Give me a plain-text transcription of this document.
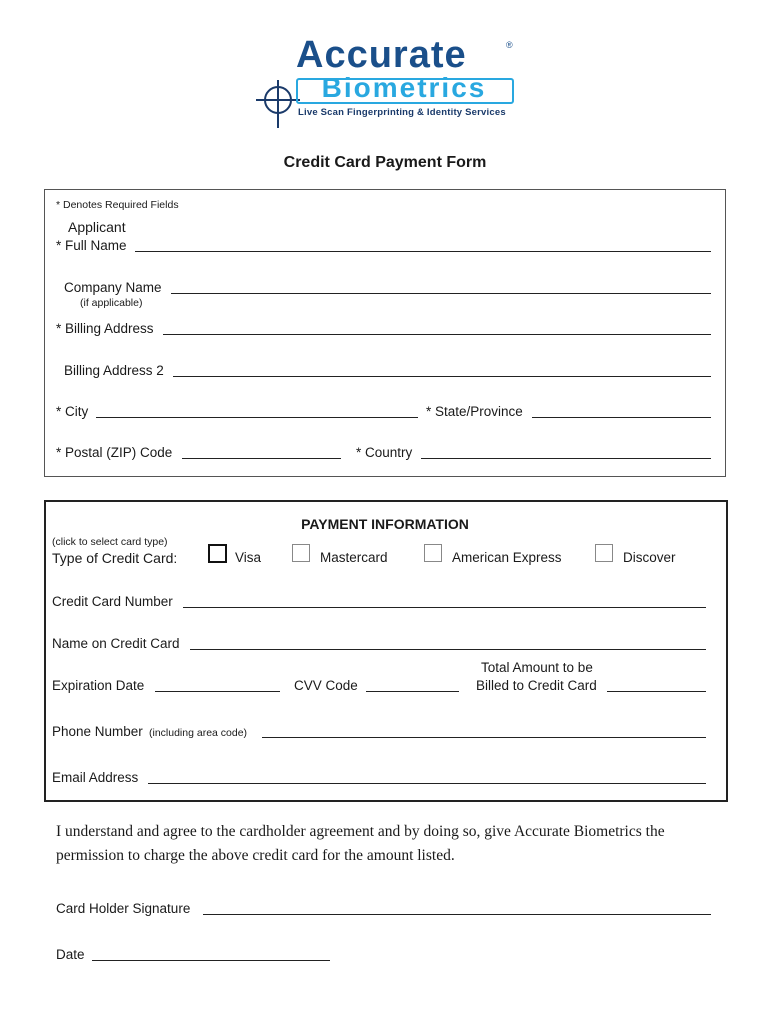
Accurate	®
Biometrics
Live Scan Fingerprinting & Identity Services
Credit Card Payment Form
* Denotes Required Fields
Applicant
* Full Name
Company Name
(if applicable)
* Billing Address
Billing Address 2
* City	* State/Province
* Postal (ZIP) Code	* Country
PAYMENT INFORMATION
(click to select card type)
Type of Credit Card:	Visa	Mastercard	American Express	Discover
Credit Card Number
Name on Credit Card
Expiration Date	CVV Code
Total Amount to be
Billed to Credit Card
Phone Number (including area code)
Email Address
I understand and agree to the cardholder agreement and by doing so, give Accurate Biometrics the
permission to charge the above credit card for the amount listed.
Card Holder Signature
Date
